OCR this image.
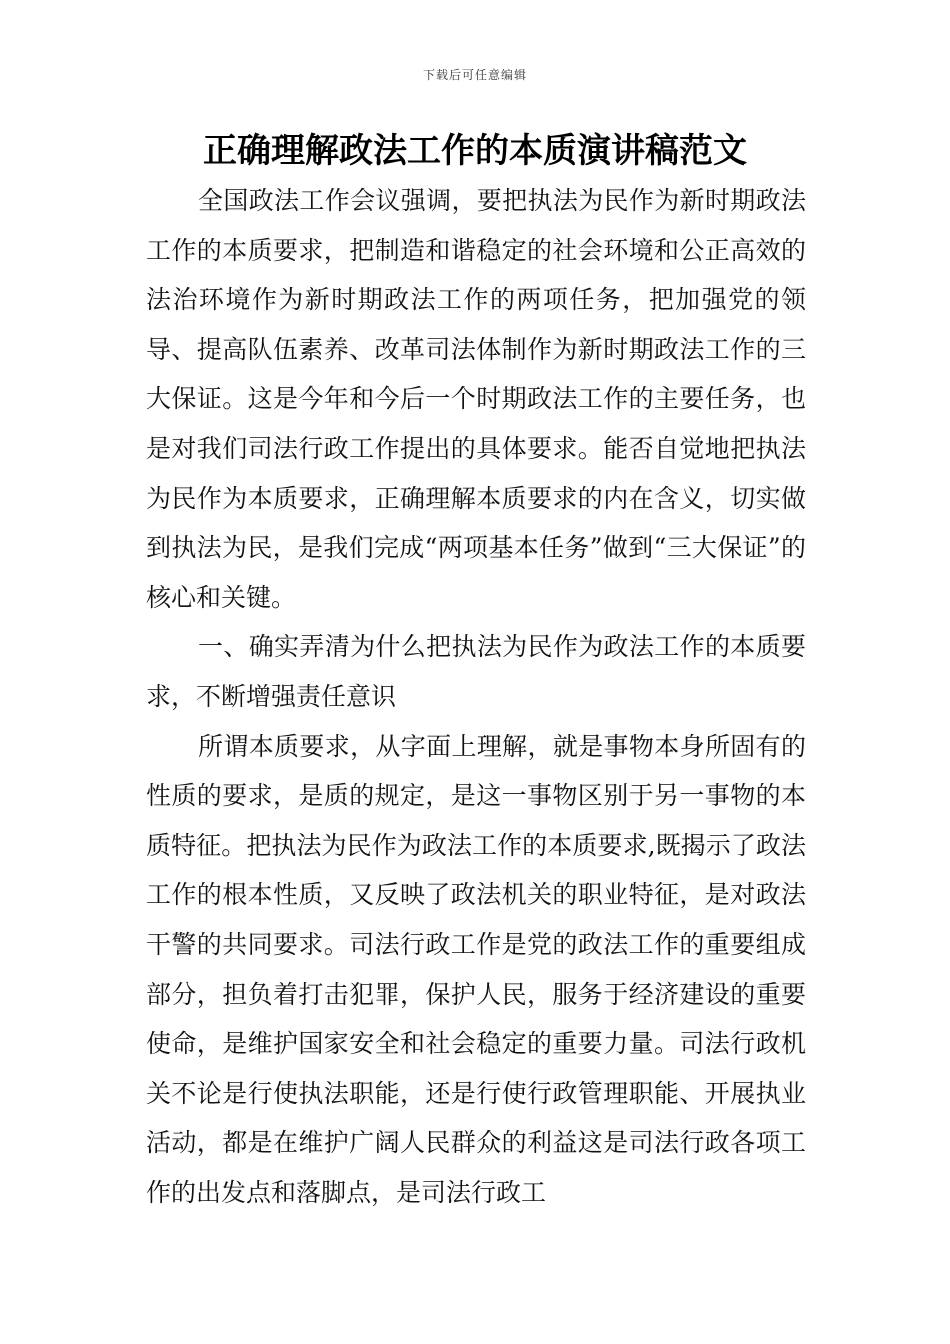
下载后可任意编辑
正确理解政法工作的本质演讲稿范文

全国政法工作会议强调，要把执法为民作为新时期政法工作的本质要求，把制造和谐稳定的社会环境和公正高效的法治环境作为新时期政法工作的两项任务，把加强党的领导、提高队伍素养、改革司法体制作为新时期政法工作的三大保证。这是今年和今后一个时期政法工作的主要任务，也是对我们司法行政工作提出的具体要求。能否自觉地把执法为民作为本质要求，正确理解本质要求的内在含义，切实做到执法为民，是我们完成“两项基本任务”做到“三大保证”的核心和关键。

一、确实弄清为什么把执法为民作为政法工作的本质要求，不断增强责任意识

所谓本质要求，从字面上理解，就是事物本身所固有的性质的要求，是质的规定，是这一事物区别于另一事物的本质特征。把执法为民作为政法工作的本质要求,既揭示了政法工作的根本性质，又反映了政法机关的职业特征，是对政法干警的共同要求。司法行政工作是党的政法工作的重要组成部分，担负着打击犯罪，保护人民，服务于经济建设的重要使命，是维护国家安全和社会稳定的重要力量。司法行政机关不论是行使执法职能，还是行使行政管理职能、开展执业活动，都是在维护广阔人民群众的利益这是司法行政各项工作的出发点和落脚点，是司法行政工
